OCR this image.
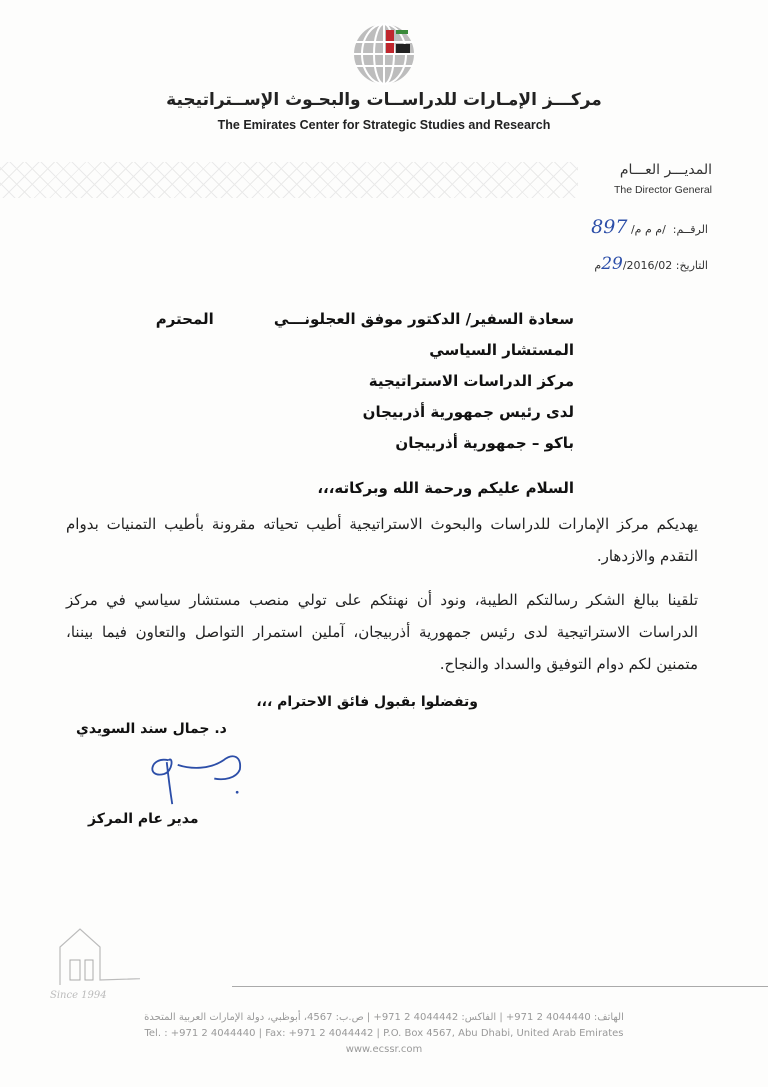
مركـــز الإمـارات للدراســات والبحـوث الإســتراتيجية
The Emirates Center for Strategic Studies and Research
المديـــر العـــام
The Director General
الرقــم:  /م م م/ 897
التاريخ: 29/2016/02م
سعادة السفير/ الدكتور موفق العجلونـــي
المحترم
المستشار السياسي
مركز الدراسات الاستراتيجية
لدى رئيس جمهورية أذربيجان
باكو – جمهورية أذربيجان
السلام عليكم ورحمة الله وبركاته،،،
يهديكم مركز الإمارات للدراسات والبحوث الاستراتيجية أطيب تحياته مقرونة بأطيب التمنيات بدوام التقدم والازدهار.
تلقينا ببالغ الشكر رسالتكم الطيبة، ونود أن نهنئكم على تولي منصب مستشار سياسي في مركز الدراسات الاستراتيجية لدى رئيس جمهورية أذربيجان، آملين استمرار التواصل والتعاون فيما بيننا، متمنين لكم دوام التوفيق والسداد والنجاح.
وتفضلوا بقبول فائق الاحترام ،،،
د. جمال سند السويدي
مدير عام المركز
Since 1994
الهاتف: 4044440 2 971+ | الفاكس: 4044442 2 971+ | ص.ب: 4567، أبوظبي، دولة الإمارات العربية المتحدة
Tel. : +971 2 4044440 | Fax: +971 2 4044442 | P.O. Box 4567, Abu Dhabi, United Arab Emirates
www.ecssr.com
